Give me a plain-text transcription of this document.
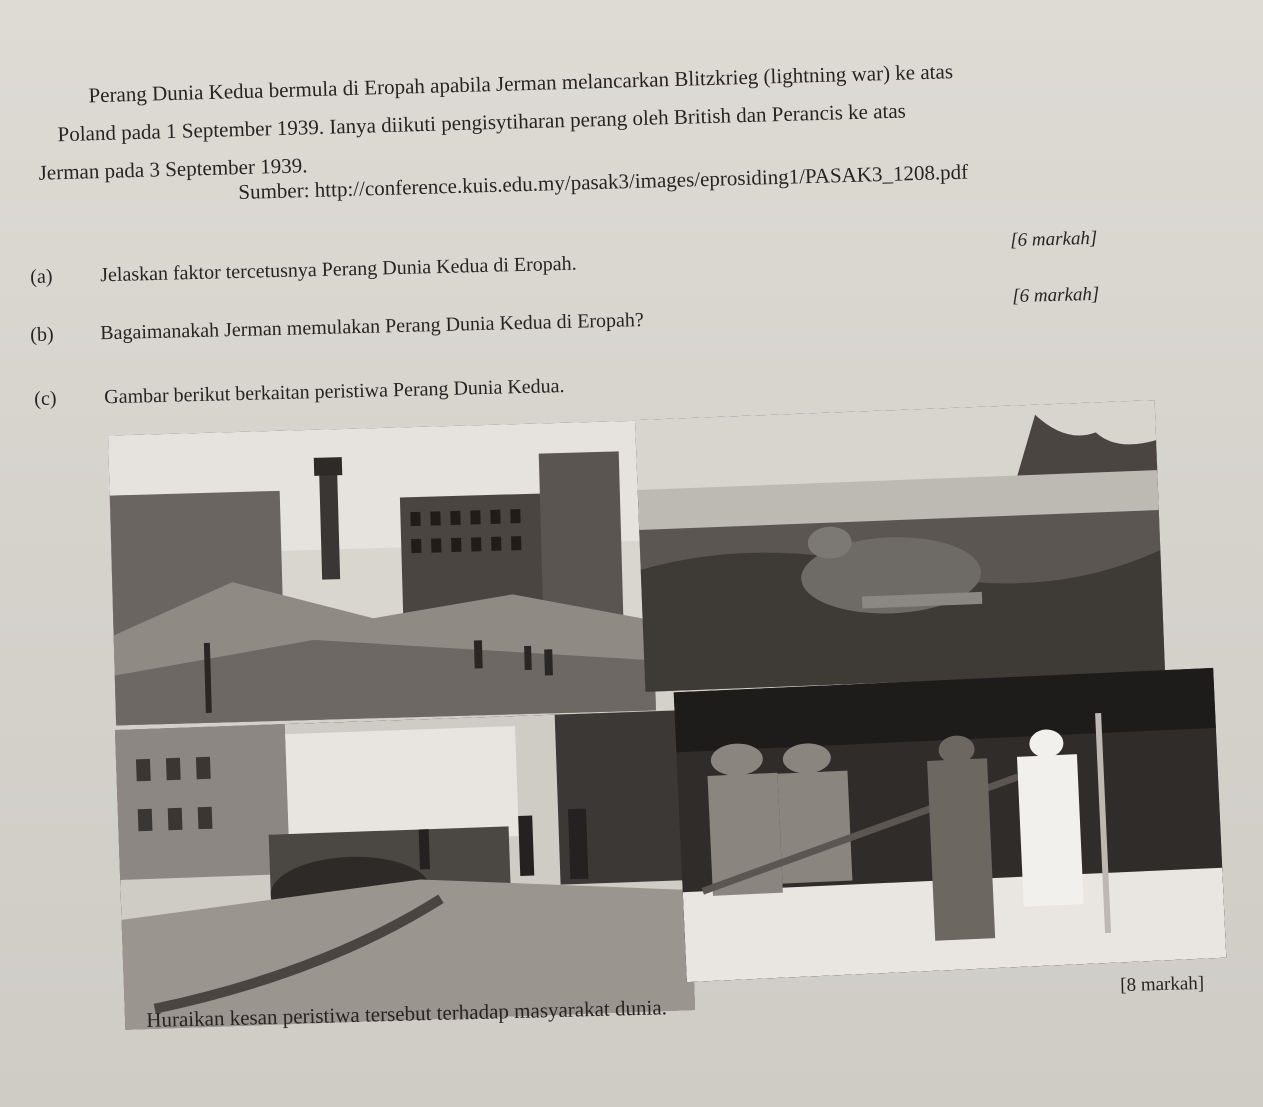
Perang Dunia Kedua bermula di Eropah apabila Jerman melancarkan Blitzkrieg (lightning war) ke atas

Poland pada 1 September 1939. Ianya diikuti pengisytiharan perang oleh British dan Perancis ke atas

Jerman pada 3 September 1939.

Sumber: http://conference.kuis.edu.my/pasak3/images/eprosiding1/PASAK3_1208.pdf
[6 markah]
(a) Jelaskan faktor tercetusnya Perang Dunia Kedua di Eropah.
[6 markah]
(b) Bagaimanakah Jerman memulakan Perang Dunia Kedua di Eropah?
(c) Gambar berikut berkaitan peristiwa Perang Dunia Kedua.
[8 markah]
Huraikan kesan peristiwa tersebut terhadap masyarakat dunia.
